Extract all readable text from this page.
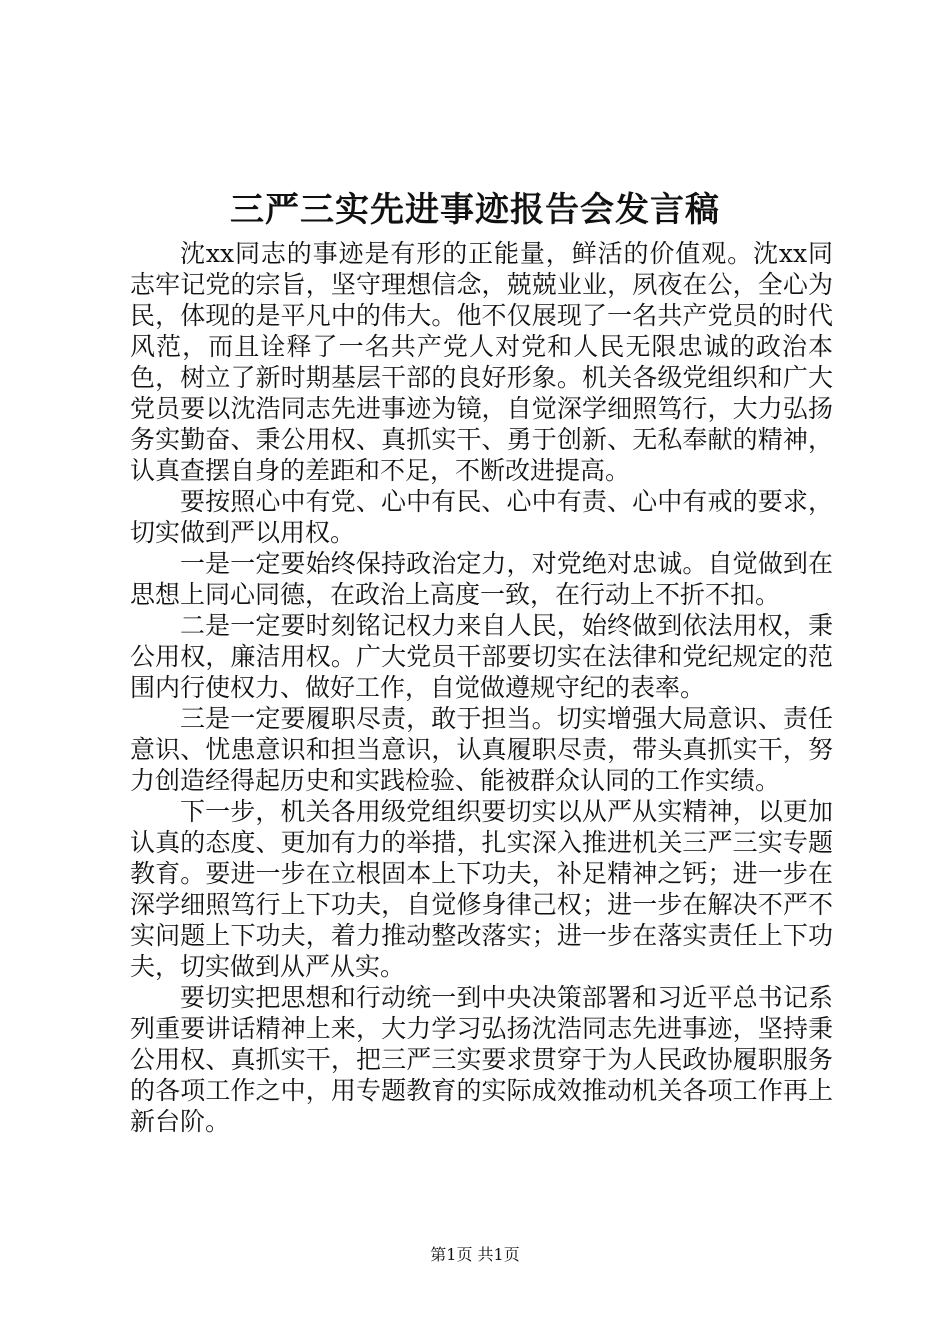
三严三实先进事迹报告会发言稿

沈xx同志的事迹是有形的正能量，鲜活的价值观。沈xx同志牢记党的宗旨，坚守理想信念，兢兢业业，夙夜在公，全心为民，体现的是平凡中的伟大。他不仅展现了一名共产党员的时代风范，而且诠释了一名共产党人对党和人民无限忠诚的政治本色，树立了新时期基层干部的良好形象。机关各级党组织和广大党员要以沈浩同志先进事迹为镜，自觉深学细照笃行，大力弘扬务实勤奋、秉公用权、真抓实干、勇于创新、无私奉献的精神，认真查摆自身的差距和不足，不断改进提高。

要按照心中有党、心中有民、心中有责、心中有戒的要求，切实做到严以用权。

一是一定要始终保持政治定力，对党绝对忠诚。自觉做到在思想上同心同德，在政治上高度一致，在行动上不折不扣。

二是一定要时刻铭记权力来自人民，始终做到依法用权，秉公用权，廉洁用权。广大党员干部要切实在法律和党纪规定的范围内行使权力、做好工作，自觉做遵规守纪的表率。

三是一定要履职尽责，敢于担当。切实增强大局意识、责任意识、忧患意识和担当意识，认真履职尽责，带头真抓实干，努力创造经得起历史和实践检验、能被群众认同的工作实绩。

下一步，机关各用级党组织要切实以从严从实精神，以更加认真的态度、更加有力的举措，扎实深入推进机关三严三实专题教育。要进一步在立根固本上下功夫，补足精神之钙；进一步在深学细照笃行上下功夫，自觉修身律己权；进一步在解决不严不实问题上下功夫，着力推动整改落实；进一步在落实责任上下功夫，切实做到从严从实。

要切实把思想和行动统一到中央决策部署和习近平总书记系列重要讲话精神上来，大力学习弘扬沈浩同志先进事迹，坚持秉公用权、真抓实干，把三严三实要求贯穿于为人民政协履职服务的各项工作之中，用专题教育的实际成效推动机关各项工作再上新台阶。

第1页 共1页
